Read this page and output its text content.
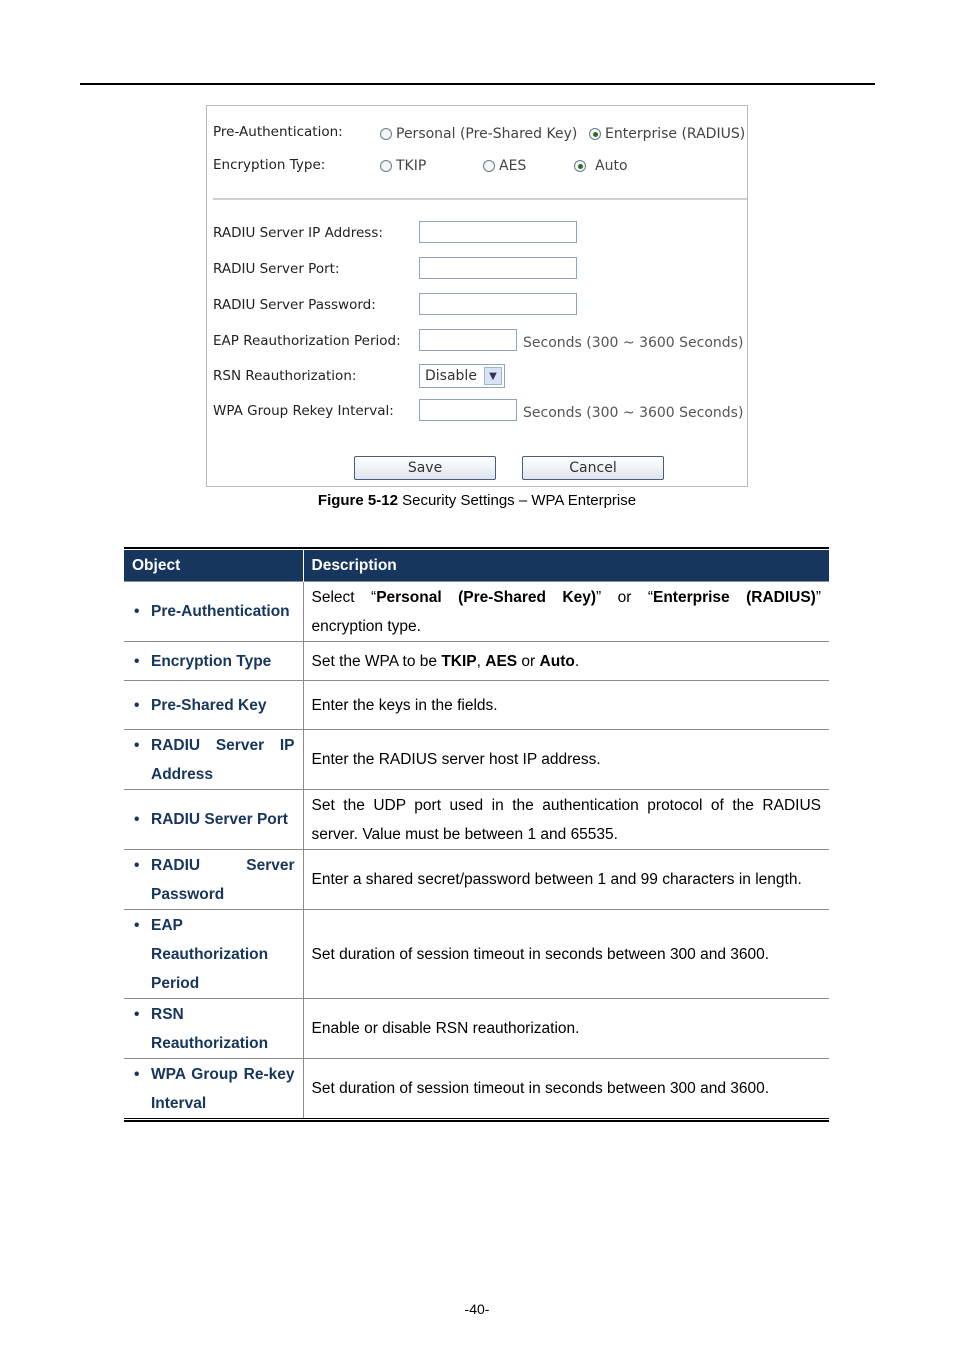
Pre-Authentication:	Personal (Pre-Shared Key) Enterprise (RADIUS)
Encryption Type:	TKIP	AES	Auto
RADIU Server IP Address:
RADIU Server Port:
RADIU Server Password:
EAP Reauthorization Period:	Seconds (300 ~ 3600 Seconds)
RSN Reauthorization:	Disable	▼
WPA Group Rekey Interval:	Seconds (300 ~ 3600 Seconds)
Save	Cancel
Figure 5-12 Security Settings – WPA Enterprise
Object	Description

• Pre-Authentication	Select “Personal (Pre-Shared Key)” or “Enterprise (RADIUS)” encryption type.

• Encryption Type	Set the WPA to be TKIP, AES or Auto.

• Pre-Shared Key	Enter the keys in the fields.

• RADIU Server IP Address	Enter the RADIUS server host IP address.

• RADIU Server Port	Set the UDP port used in the authentication protocol of the RADIUS server. Value must be between 1 and 65535.

• RADIU Server Password	Enter a shared secret/password between 1 and 99 characters in length.

• EAP Reauthorization Period	Set duration of session timeout in seconds between 300 and 3600.

• RSN Reauthorization	Enable or disable RSN reauthorization.

• WPA Group Re-key Interval	Set duration of session timeout in seconds between 300 and 3600.
-40-
